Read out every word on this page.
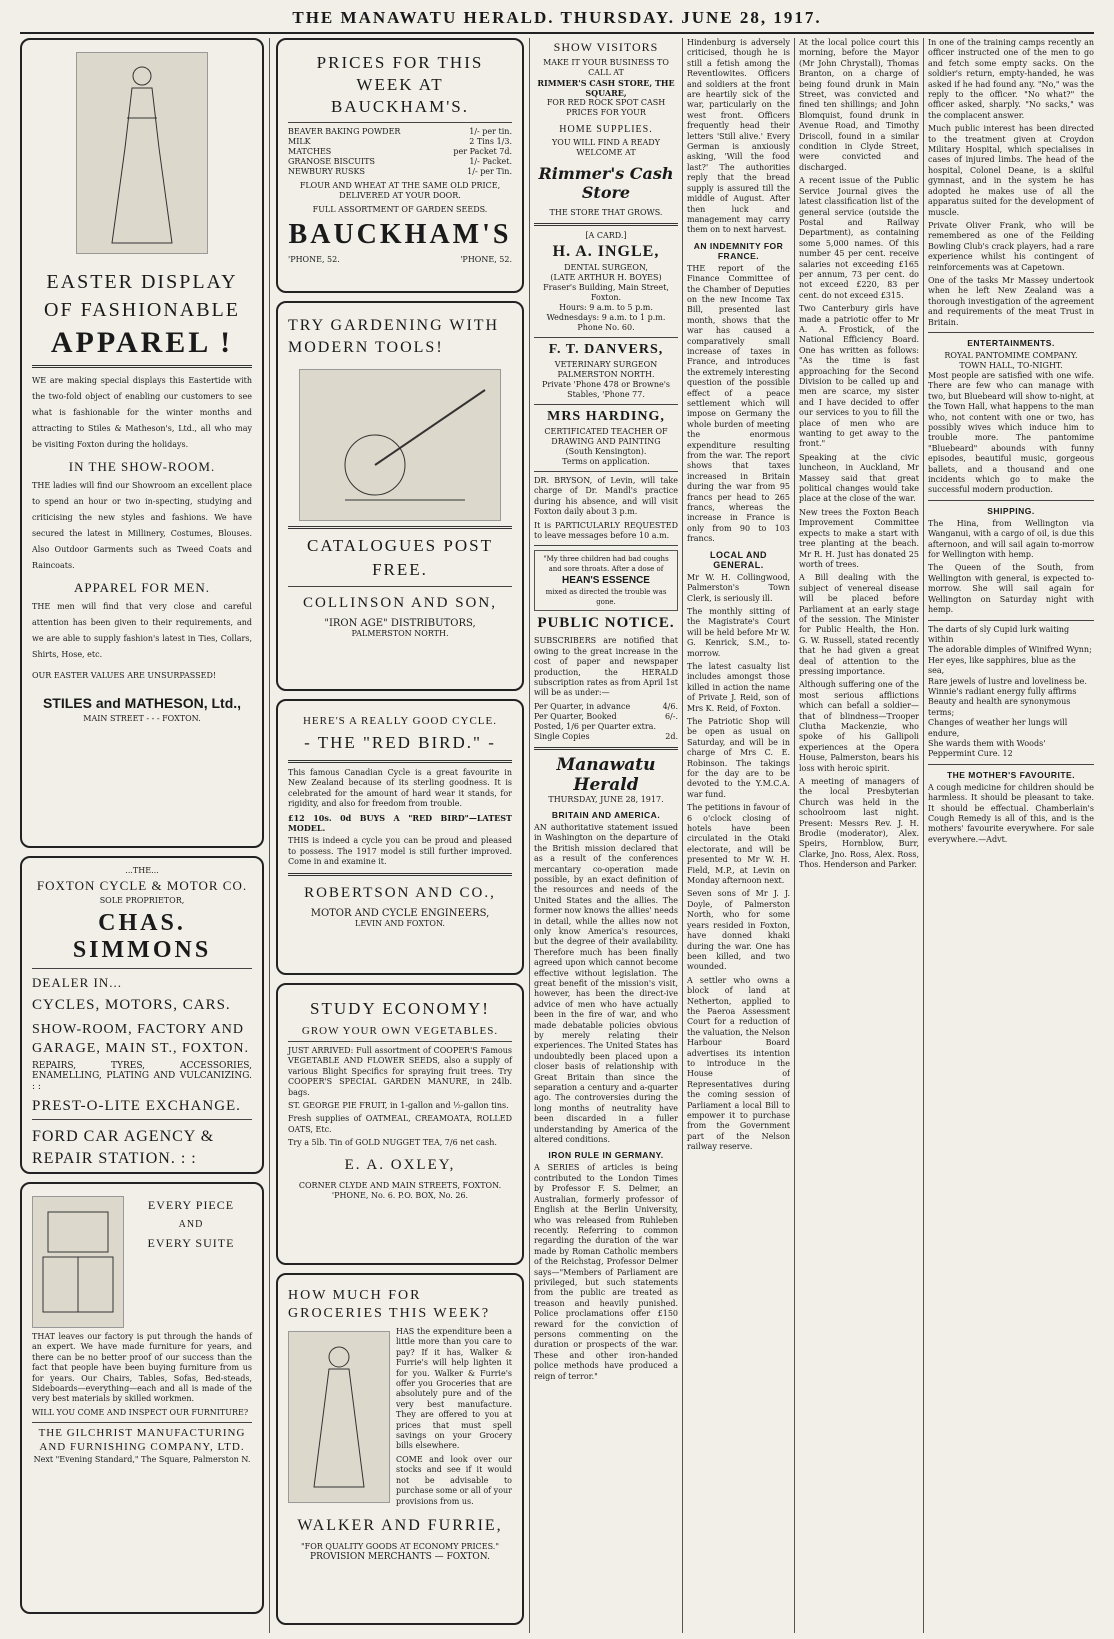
THE MANAWATU HERALD. THURSDAY. JUNE 28, 1917.
EASTER DISPLAY
OF FASHIONABLE
APPAREL !

WE are making special displays this Eastertide with the two-fold object of enabling our customers to see what is fashionable for the winter months and attracting to Stiles & Matheson's, Ltd., all who may be visiting Foxton during the holidays.

IN THE SHOW-ROOM.

THE ladies will find our Showroom an excellent place to spend an hour or two in-specting, studying and criticising the new styles and fashions. We have secured the latest in Millinery, Costumes, Blouses. Also Outdoor Garments such as Tweed Coats and Raincoats.

APPAREL FOR MEN.

THE men will find that very close and careful attention has been given to their requirements, and we are able to supply fashion's latest in Ties, Collars, Shirts, Hose, etc.

OUR EASTER VALUES ARE UNSURPASSED!

STILES and MATHESON, Ltd.,
MAIN STREET - - - FOXTON.
...THE...
FOXTON CYCLE & MOTOR CO.
SOLE PROPRIETOR,
CHAS. SIMMONS
DEALER IN...
CYCLES, MOTORS, CARS.
SHOW-ROOM, FACTORY AND GARAGE, MAIN ST., FOXTON.
REPAIRS, TYRES, ACCESSORIES, ENAMELLING, PLATING AND VULCANIZING. : :
PREST-O-LITE EXCHANGE.
FORD CAR AGENCY & REPAIR STATION. : :
EVERY PIECE
AND
EVERY SUITE

THAT leaves our factory is put through the hands of an expert. We have made furniture for years, and there can be no better proof of our success than the fact that people have been buying furniture from us for years. Our Chairs, Tables, Sofas, Bed-steads, Sideboards—everything—each and all is made of the very best materials by skilled workmen.

WILL YOU COME AND INSPECT OUR FURNITURE?

THE GILCHRIST MANUFACTURING
AND FURNISHING COMPANY, LTD.
Next "Evening Standard," The Square, Palmerston N.
PRICES FOR THIS WEEK AT BAUCKHAM'S.
BEAVER BAKING POWDER	1/- per tin.
MILK	2 Tins 1/3.
MATCHES	per Packet 7d.
GRANOSE BISCUITS	1/- Packet.
NEWBURY RUSKS	1/- per Tin.

FLOUR AND WHEAT AT THE SAME OLD PRICE, DELIVERED AT YOUR DOOR.

FULL ASSORTMENT OF GARDEN SEEDS.

BAUCKHAM'S
'PHONE, 52.	'PHONE, 52.
TRY GARDENING WITH MODERN TOOLS!
CATALOGUES POST FREE.
COLLINSON AND SON,
"IRON AGE" DISTRIBUTORS,
PALMERSTON NORTH.
HERE'S A REALLY GOOD CYCLE.
- THE "RED BIRD." -

This famous Canadian Cycle is a great favourite in New Zealand because of its sterling goodness. It is celebrated for the amount of hard wear it stands, for rigidity, and also for freedom from trouble.

£12 10s. 0d BUYS A "RED BIRD"—LATEST MODEL.

THIS is indeed a cycle you can be proud and pleased to possess. The 1917 model is still further improved. Come in and examine it.

ROBERTSON AND CO.,
MOTOR AND CYCLE ENGINEERS,
LEVIN AND FOXTON.
STUDY ECONOMY!
GROW YOUR OWN VEGETABLES.

JUST ARRIVED: Full assortment of COOPER'S Famous VEGETABLE AND FLOWER SEEDS, also a supply of various Blight Specifics for spraying fruit trees. Try COOPER'S SPECIAL GARDEN MANURE, in 24lb. bags.

ST. GEORGE PIE FRUIT, in 1-gallon and ½-gallon tins.

Fresh supplies of OATMEAL, CREAMOATA, ROLLED OATS, Etc.

Try a 5lb. Tin of GOLD NUGGET TEA, 7/6 net cash.

E. A. OXLEY,
CORNER CLYDE AND MAIN STREETS, FOXTON.
'PHONE, No. 6. P.O. BOX, No. 26.
HOW MUCH FOR GROCERIES THIS WEEK?

HAS the expenditure been a little more than you care to pay? If it has, Walker & Furrie's will help lighten it for you. Walker & Furrie's offer you Groceries that are absolutely pure and of the very best manufacture. They are offered to you at prices that must spell savings on your Grocery bills elsewhere.

COME and look over our stocks and see if it would not be advisable to purchase some or all of your provisions from us.

WALKER AND FURRIE,
"FOR QUALITY GOODS AT ECONOMY PRICES."
PROVISION MERCHANTS — FOXTON.
SHOW VISITORS
MAKE IT YOUR BUSINESS TO CALL AT
RIMMER'S CASH STORE, THE SQUARE,
FOR RED ROCK SPOT CASH PRICES FOR YOUR
HOME SUPPLIES.
YOU WILL FIND A READY WELCOME AT
Rimmer's Cash Store
THE STORE THAT GROWS.
[A CARD.]
H. A. INGLE,
DENTAL SURGEON,
(LATE ARTHUR H. BOYES)
Fraser's Building, Main Street, Foxton.
Hours: 9 a.m. to 5 p.m. Wednesdays: 9 a.m. to 1 p.m.
Phone No. 60.
F. T. DANVERS,
VETERINARY SURGEON
PALMERSTON NORTH.
Private 'Phone 478 or Browne's Stables, 'Phone 77.
MRS HARDING,
CERTIFICATED TEACHER OF DRAWING AND PAINTING
(South Kensington).
Terms on application.

DR. BRYSON, of Levin, will take charge of Dr. Mandl's practice during his absence, and will visit Foxton daily about 3 p.m.

It is PARTICULARLY REQUESTED to leave messages before 10 a.m.

"My three children had bad coughs and sore throats. After a dose of
HEAN'S ESSENCE
mixed as directed the trouble was gone.
PUBLIC NOTICE.

SUBSCRIBERS are notified that owing to the great increase in the cost of paper and newspaper production, the HERALD subscription rates as from April 1st will be as under:—

Per Quarter, in advance	4/6.
Per Quarter, Booked	6/-.
Posted, 1/6 per Quarter extra.
Single Copies	2d.
Manawatu Herald
THURSDAY, JUNE 28, 1917.
BRITAIN AND AMERICA.

AN authoritative statement issued in Washington on the departure of the British mission declared that as a result of the conferences mercantary co-operation made possible, by an exact definition of the resources and needs of the United States and the allies. The former now knows the allies' needs in detail, while the allies now not only know America's resources, but the degree of their availability. Therefore much has been finally agreed upon which cannot become effective without legislation. The great benefit of the mission's visit, however, has been the direct-ive advice of men who have actually been in the fire of war, and who made debatable policies obvious by merely relating their experiences. The United States has undoubtedly been placed upon a closer basis of relationship with Great Britain than since the separation a century and a-quarter ago. The controversies during the long months of neutrality have been discarded in a fuller understanding by America of the altered conditions.

IRON RULE IN GERMANY.

A SERIES of articles is being contributed to the London Times by Professor F. S. Delmer, an Australian, formerly professor of English at the Berlin University, who was released from Ruhleben recently. Referring to common regarding the duration of the war made by Roman Catholic members of the Reichstag, Professor Delmer says—"Members of Parliament are privileged, but such statements from the public are treated as treason and heavily punished. Police proclamations offer £150 reward for the conviction of persons commenting on the duration or prospects of the war. These and other iron-handed police methods have produced a reign of terror."

Hindenburg is adversely criticised, though he is still a fetish among the Reventlowites. Officers and soldiers at the front are heartily sick of the war, particularly on the west front. Officers frequently head their letters 'Still alive.' Every German is anxiously asking, 'Will the food last?' The authorities reply that the bread supply is assured till the middle of August. After then luck and management may carry them on to next harvest.

AN INDEMNITY FOR FRANCE.

THE report of the Finance Committee of the Chamber of Deputies on the new Income Tax Bill, presented last month, shows that the war has caused a comparatively small increase of taxes in France, and introduces the extremely interesting question of the possible effect of a peace settlement which will impose on Germany the whole burden of meeting the enormous expenditure resulting from the war. The report shows that taxes increased in Britain during the war from 95 francs per head to 265 francs, whereas the increase in France is only from 90 to 103 francs.

LOCAL AND GENERAL.

Mr W. H. Collingwood, Palmerston's Town Clerk, is seriously ill.

The monthly sitting of the Magistrate's Court will be held before Mr W. G. Kenrick, S.M., to-morrow.

The latest casualty list includes amongst those killed in action the name of Private J. Reid, son of Mrs K. Reid, of Foxton.

The Patriotic Shop will be open as usual on Saturday, and will be in charge of Mrs C. E. Robinson. The takings for the day are to be devoted to the Y.M.C.A. war fund.

The petitions in favour of 6 o'clock closing of hotels have been circulated in the Otaki electorate, and will be presented to Mr W. H. Field, M.P., at Levin on Monday afternoon next.

Seven sons of Mr J. J. Doyle, of Palmerston North, who for some years resided in Foxton, have donned khaki during the war. One has been killed, and two wounded.

A settler who owns a block of land at Netherton, applied to the Paeroa Assessment Court for a reduction of the valuation, the Nelson Harbour Board advertises its intention to introduce in the House of Representatives during the coming session of Parliament a local Bill to empower it to purchase from the Government part of the Nelson railway reserve.

At the local police court this morning, before the Mayor (Mr John Chrystall), Thomas Branton, on a charge of being found drunk in Main Street, was convicted and fined ten shillings; and John Blomquist, found drunk in Avenue Road, and Timothy Driscoll, found in a similar condition in Clyde Street, were convicted and discharged.

A recent issue of the Public Service Journal gives the latest classification list of the general service (outside the Postal and Railway Department), as containing some 5,000 names. Of this number 45 per cent. receive salaries not exceeding £165 per annum, 73 per cent. do not exceed £220, 83 per cent. do not exceed £315.

Two Canterbury girls have made a patriotic offer to Mr A. A. Frostick, of the National Efficiency Board. One has written as follows: "As the time is fast approaching for the Second Division to be called up and men are scarce, my sister and I have decided to offer our services to you to fill the place of men who are wanting to get away to the front."

Speaking at the civic luncheon, in Auckland, Mr Massey said that great political changes would take place at the close of the war.

New trees the Foxton Beach Improvement Committee expects to make a start with tree planting at the beach. Mr R. H. Just has donated 25 worth of trees.

A Bill dealing with the subject of venereal disease will be placed before Parliament at an early stage of the session. The Minister for Public Health, the Hon. G. W. Russell, stated recently that he had given a great deal of attention to the pressing importance.

Although suffering one of the most serious afflictions which can befall a soldier—that of blindness—Trooper Clutha Mackenzie, who spoke of his Gallipoli experiences at the Opera House, Palmerston, bears his loss with heroic spirit.

A meeting of managers of the local Presbyterian Church was held in the schoolroom last night. Present: Messrs Rev. J. H. Brodie (moderator), Alex. Speirs, Hornblow, Burr, Clarke, Jno. Ross, Alex. Ross, Thos. Henderson and Parker.

In one of the training camps recently an officer instructed one of the men to go and fetch some empty sacks. On the soldier's return, empty-handed, he was asked if he had found any. "No," was the reply to the officer. "No what?" the officer asked, sharply. "No sacks," was the complacent answer.

Much public interest has been directed to the treatment given at Croydon Military Hospital, which specialises in cases of injured limbs. The head of the hospital, Colonel Deane, is a skilful gymnast, and in the system he has adopted he makes use of all the apparatus suited for the development of muscle.

Private Oliver Frank, who will be remembered as one of the Feilding Bowling Club's crack players, had a rare experience whilst his contingent of reinforcements was at Capetown.

One of the tasks Mr Massey undertook when he left New Zealand was a thorough investigation of the agreement and requirements of the meat Trust in Britain.

ENTERTAINMENTS.
ROYAL PANTOMIME COMPANY.
TOWN HALL, TO-NIGHT.

Most people are satisfied with one wife. There are few who can manage with two, but Bluebeard will show to-night, at the Town Hall, what happens to the man who, not content with one or two, has possibly wives which induce him to trouble more. The pantomime "Bluebeard" abounds with funny episodes, beautiful music, gorgeous ballets, and a thousand and one incidents which go to make the successful modern production.

SHIPPING.

The Hina, from Wellington via Wanganui, with a cargo of oil, is due this afternoon, and will sail again to-morrow for Wellington with hemp.

The Queen of the South, from Wellington with general, is expected to-morrow. She will sail again for Wellington on Saturday night with hemp.

The darts of sly Cupid lurk waiting within
The adorable dimples of Winifred Wynn;
Her eyes, like sapphires, blue as the sea,
Rare jewels of lustre and loveliness be.
Winnie's radiant energy fully affirms
Beauty and health are synonymous terms;
Changes of weather her lungs will endure,
She wards them with Woods' Peppermint Cure. 12
THE MOTHER'S FAVOURITE.

A cough medicine for children should be harmless. It should be pleasant to take. It should be effectual. Chamberlain's Cough Remedy is all of this, and is the mothers' favourite everywhere. For sale everywhere.—Advt.
